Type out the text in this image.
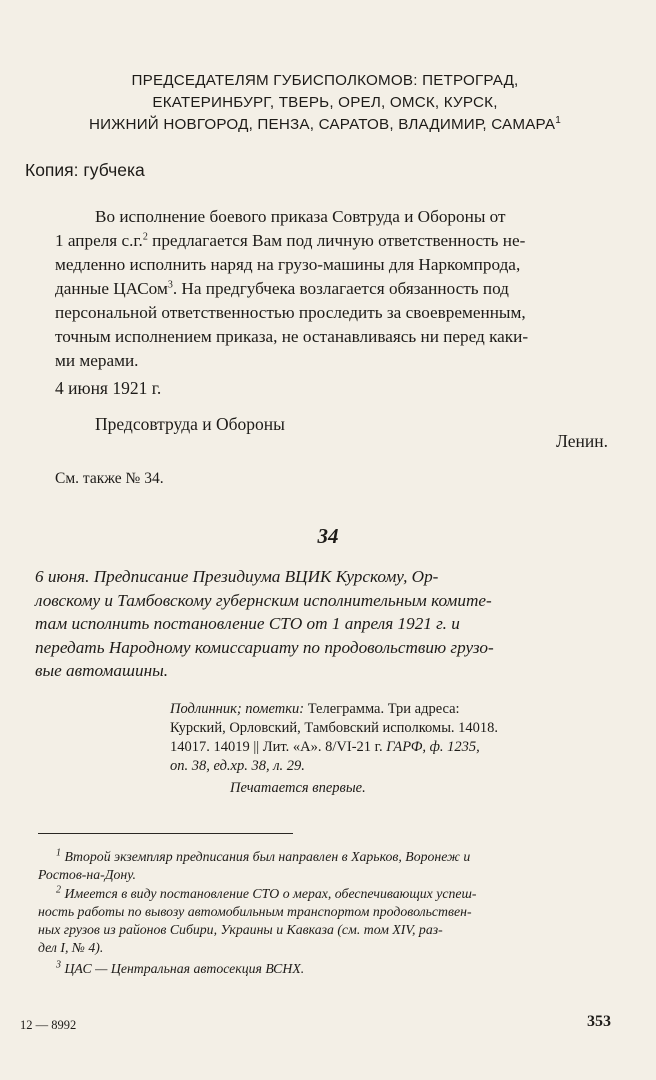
ПРЕДСЕДАТЕЛЯМ ГУБИСПОЛКОМОВ: ПЕТРОГРАД,
ЕКАТЕРИНБУРГ, ТВЕРЬ, ОРЕЛ, ОМСК, КУРСК,
НИЖНИЙ НОВГОРОД, ПЕНЗА, САРАТОВ, ВЛАДИМИР, САМАРА$^1$
Копия: губчека
Во исполнение боевого приказа Совтруда и Обороны от
1 апреля с.г.$^2$ предлагается Вам под личную ответственность не-
медленно исполнить наряд на грузо-машины для Наркомпрода,
данные ЦАСом$^3$. На предгубчека возлагается обязанность под
персональной ответственностью проследить за своевременным,
точным исполнением приказа, не останавливаясь ни перед каки-
ми мерами.
4 июня 1921 г.
Предсовтруда и Обороны
Ленин.
См. также № 34.
34
6 июня. Предписание Президиума ВЦИК Курскому, Ор-
ловскому и Тамбовскому губернским исполнительным комите-
там исполнить постановление СТО от 1 апреля 1921 г. и
передать Народному комиссариату по продовольствию грузо-
вые автомашины.
Подлинник; пометки: Телеграмма. Три адреса:
Курский, Орловский, Тамбовский исполкомы. 14018.
14017. 14019 || Лит. «А». 8/VI-21 г. ГАРФ, ф. 1235,
оп. 38, ед.хр. 38, л. 29.
Печатается впервые.
$^1$ Второй экземпляр предписания был направлен в Харьков, Воронеж и
Ростов-на-Дону.
$^2$ Имеется в виду постановление СТО о мерах, обеспечивающих успеш-
ность работы по вывозу автомобильным транспортом продовольствен-
ных грузов из районов Сибири, Украины и Кавказа (см. том XIV, раз-
дел I, № 4).
$^3$ ЦАС — Центральная автосекция ВСНХ.
12 — 8992	353
